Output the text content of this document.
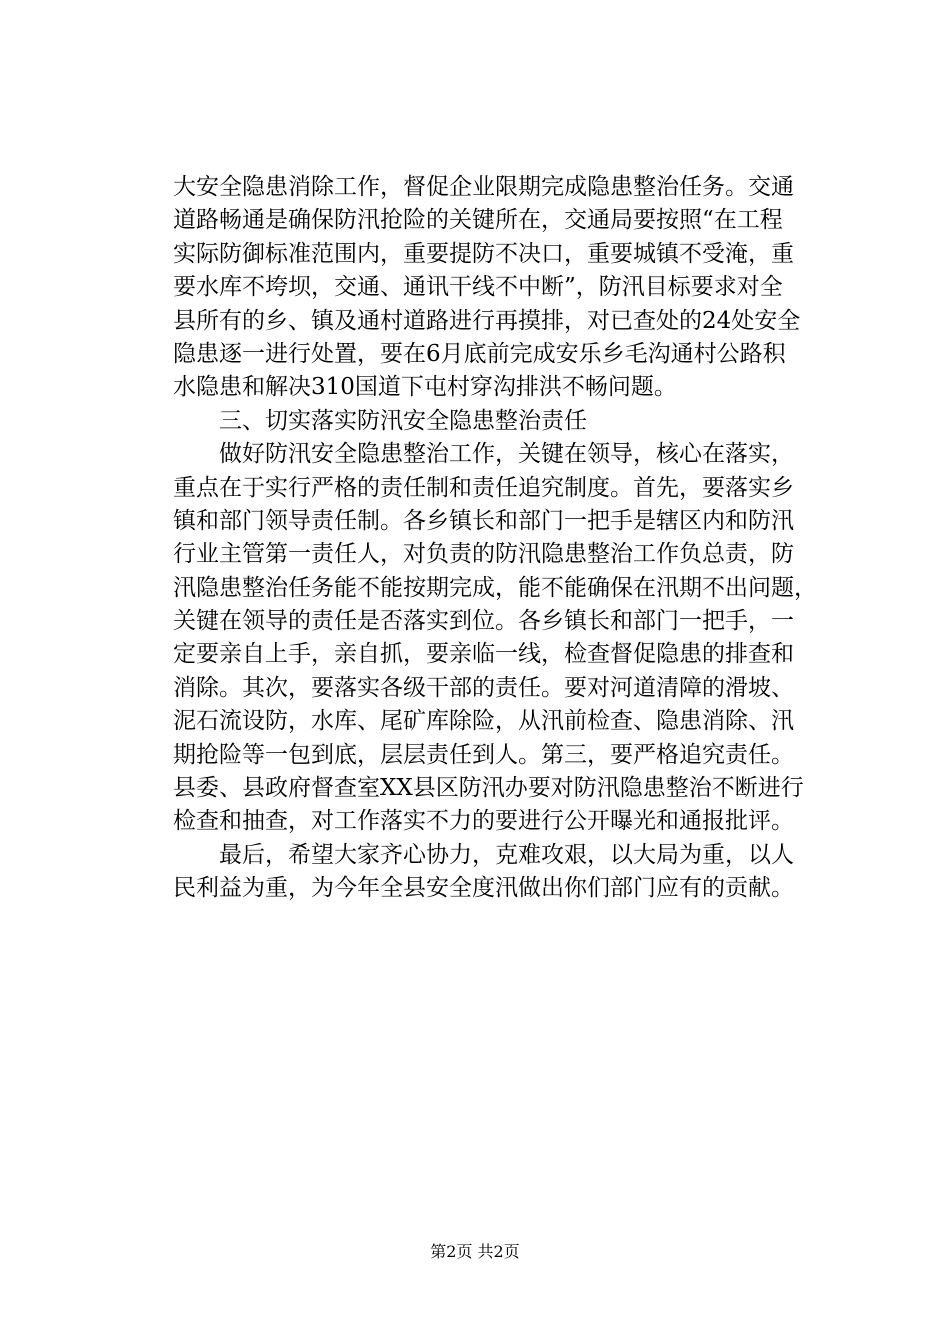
大安全隐患消除工作，督促企业限期完成隐患整治任务。交通
道路畅通是确保防汛抢险的关键所在，交通局要按照“在工程
实际防御标准范围内，重要提防不决口，重要城镇不受淹，重
要水库不垮坝，交通、通讯干线不中断”，防汛目标要求对全
县所有的乡、镇及通村道路进行再摸排，对已查处的24处安全
隐患逐一进行处置，要在6月底前完成安乐乡毛沟通村公路积
水隐患和解决310国道下屯村穿沟排洪不畅问题。
　　三、切实落实防汛安全隐患整治责任
　　做好防汛安全隐患整治工作，关键在领导，核心在落实，
重点在于实行严格的责任制和责任追究制度。首先，要落实乡
镇和部门领导责任制。各乡镇长和部门一把手是辖区内和防汛
行业主管第一责任人，对负责的防汛隐患整治工作负总责，防
汛隐患整治任务能不能按期完成，能不能确保在汛期不出问题，
关键在领导的责任是否落实到位。各乡镇长和部门一把手，一
定要亲自上手，亲自抓，要亲临一线，检查督促隐患的排查和
消除。其次，要落实各级干部的责任。要对河道清障的滑坡、
泥石流设防，水库、尾矿库除险，从汛前检查、隐患消除、汛
期抢险等一包到底，层层责任到人。第三，要严格追究责任。
县委、县政府督查室XX县区防汛办要对防汛隐患整治不断进行
检查和抽查，对工作落实不力的要进行公开曝光和通报批评。
　　最后，希望大家齐心协力，克难攻艰，以大局为重，以人
民利益为重，为今年全县安全度汛做出你们部门应有的贡献。
第2页 共2页
